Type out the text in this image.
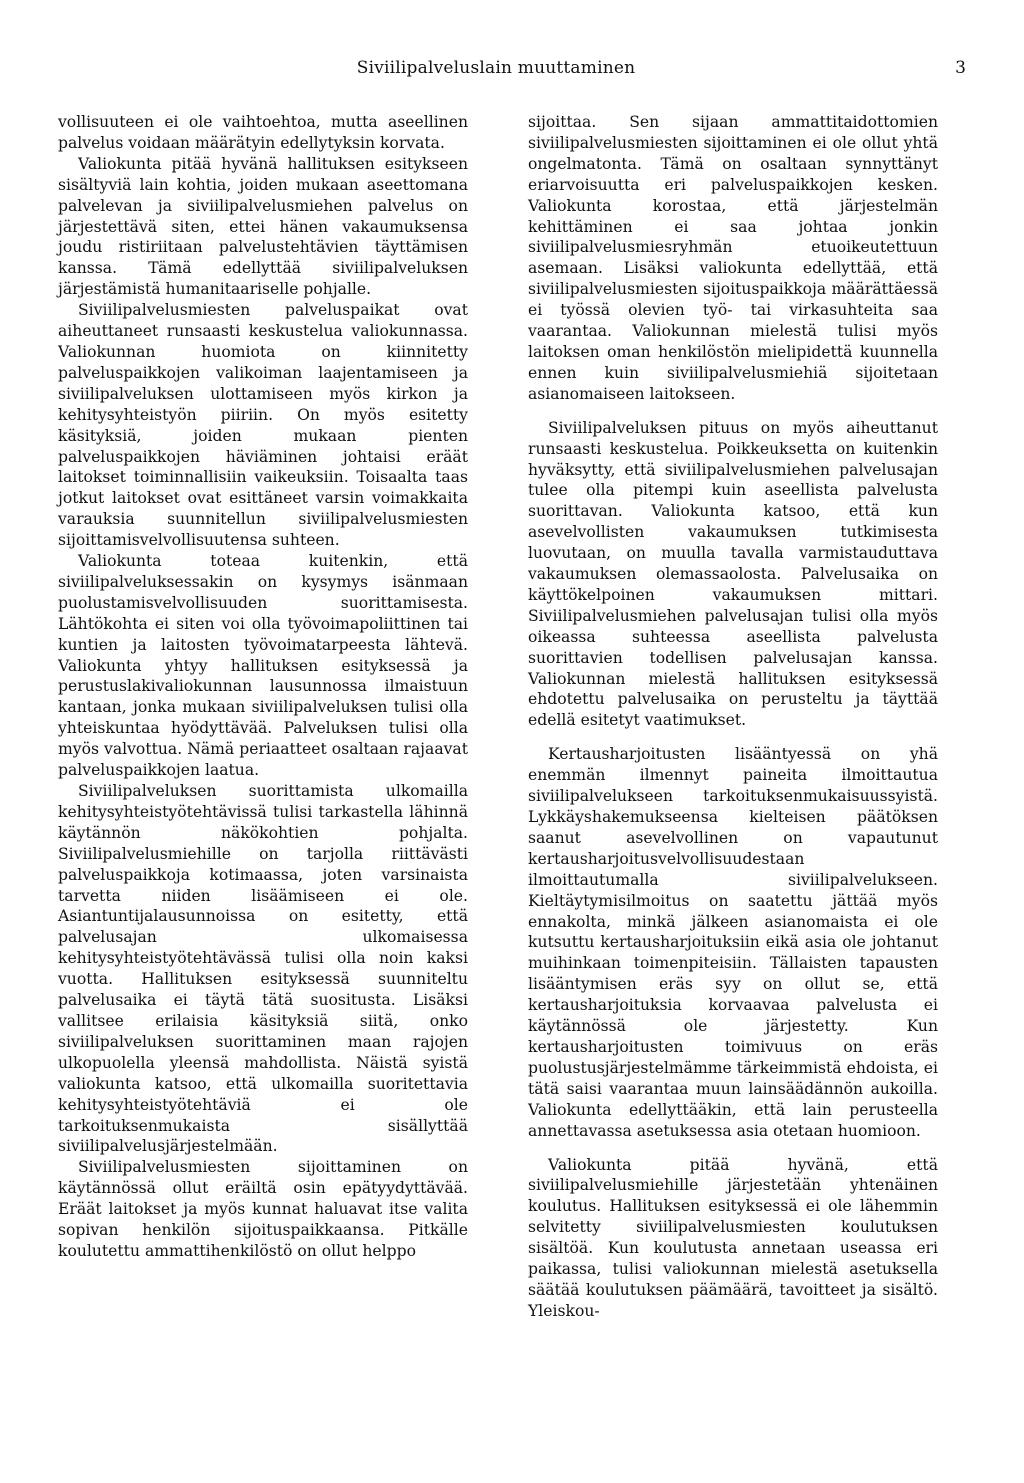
Siviilipalveluslain muuttaminen	3

vollisuuteen ei ole vaihtoehtoa, mutta aseellinen palvelus voidaan määrätyin edellytyksin korvata.

Valiokunta pitää hyvänä hallituksen esitykseen sisältyviä lain kohtia, joiden mukaan aseettomana palvelevan ja siviilipalvelusmiehen palvelus on järjestettävä siten, ettei hänen vakaumuksensa joudu ristiriitaan palvelustehtävien täyttämisen kanssa. Tämä edellyttää siviilipalveluksen järjestämistä humanitaariselle pohjalle.

Siviilipalvelusmiesten palveluspaikat ovat aiheuttaneet runsaasti keskustelua valiokunnassa. Valiokunnan huomiota on kiinnitetty palveluspaikkojen valikoiman laajentamiseen ja siviilipalveluksen ulottamiseen myös kirkon ja kehitysyhteistyön piiriin. On myös esitetty käsityksiä, joiden mukaan pienten palveluspaikkojen häviäminen johtaisi eräät laitokset toiminnallisiin vaikeuksiin. Toisaalta taas jotkut laitokset ovat esittäneet varsin voimakkaita varauksia suunnitellun siviilipalvelusmiesten sijoittamisvelvollisuutensa suhteen.

Valiokunta toteaa kuitenkin, että siviilipalveluksessakin on kysymys isänmaan puolustamisvelvollisuuden suorittamisesta. Lähtökohta ei siten voi olla työvoimapoliittinen tai kuntien ja laitosten työvoimatarpeesta lähtevä. Valiokunta yhtyy hallituksen esityksessä ja perustuslakivaliokunnan lausunnossa ilmaistuun kantaan, jonka mukaan siviilipalveluksen tulisi olla yhteiskuntaa hyödyttävää. Palveluksen tulisi olla myös valvottua. Nämä periaatteet osaltaan rajaavat palveluspaikkojen laatua.

Siviilipalveluksen suorittamista ulkomailla kehitysyhteistyötehtävissä tulisi tarkastella lähinnä käytännön näkökohtien pohjalta. Siviilipalvelusmiehille on tarjolla riittävästi palveluspaikkoja kotimaassa, joten varsinaista tarvetta niiden lisäämiseen ei ole. Asiantuntijalausunnoissa on esitetty, että palvelusajan ulkomaisessa kehitysyhteistyötehtävässä tulisi olla noin kaksi vuotta. Hallituksen esityksessä suunniteltu palvelusaika ei täytä tätä suositusta. Lisäksi vallitsee erilaisia käsityksiä siitä, onko siviilipalveluksen suorittaminen maan rajojen ulkopuolella yleensä mahdollista. Näistä syistä valiokunta katsoo, että ulkomailla suoritettavia kehitysyhteistyötehtäviä ei ole tarkoituksenmukaista sisällyttää siviilipalvelusjärjestelmään.

Siviilipalvelusmiesten sijoittaminen on käytännössä ollut eräiltä osin epätyydyttävää. Eräät laitokset ja myös kunnat haluavat itse valita sopivan henkilön sijoituspaikkaansa. Pitkälle koulutettu ammattihenkilöstö on ollut helppo

sijoittaa. Sen sijaan ammattitaidottomien siviilipalvelusmiesten sijoittaminen ei ole ollut yhtä ongelmatonta. Tämä on osaltaan synnyttänyt eriarvoisuutta eri palveluspaikkojen kesken. Valiokunta korostaa, että järjestelmän kehittäminen ei saa johtaa jonkin siviilipalvelusmiesryhmän etuoikeutettuun asemaan. Lisäksi valiokunta edellyttää, että siviilipalvelusmiesten sijoituspaikkoja määrättäessä ei työssä olevien työ- tai virkasuhteita saa vaarantaa. Valiokunnan mielestä tulisi myös laitoksen oman henkilöstön mielipidettä kuunnella ennen kuin siviilipalvelusmiehiä sijoitetaan asianomaiseen laitokseen.

Siviilipalveluksen pituus on myös aiheuttanut runsaasti keskustelua. Poikkeuksetta on kuitenkin hyväksytty, että siviilipalvelusmiehen palvelusajan tulee olla pitempi kuin aseellista palvelusta suorittavan. Valiokunta katsoo, että kun asevelvollisten vakaumuksen tutkimisesta luovutaan, on muulla tavalla varmistauduttava vakaumuksen olemassaolosta. Palvelusaika on käyttökelpoinen vakaumuksen mittari. Siviilipalvelusmiehen palvelusajan tulisi olla myös oikeassa suhteessa aseellista palvelusta suorittavien todellisen palvelusajan kanssa. Valiokunnan mielestä hallituksen esityksessä ehdotettu palvelusaika on perusteltu ja täyttää edellä esitetyt vaatimukset.

Kertausharjoitusten lisääntyessä on yhä enemmän ilmennyt paineita ilmoittautua siviilipalvelukseen tarkoituksenmukaisuussyistä. Lykkäyshakemukseensa kielteisen päätöksen saanut asevelvollinen on vapautunut kertausharjoitusvelvollisuudestaan ilmoittautumalla siviilipalvelukseen. Kieltäytymisilmoitus on saatettu jättää myös ennakolta, minkä jälkeen asianomaista ei ole kutsuttu kertausharjoituksiin eikä asia ole johtanut muihinkaan toimenpiteisiin. Tällaisten tapausten lisääntymisen eräs syy on ollut se, että kertausharjoituksia korvaavaa palvelusta ei käytännössä ole järjestetty. Kun kertausharjoitusten toimivuus on eräs puolustusjärjestelmämme tärkeimmistä ehdoista, ei tätä saisi vaarantaa muun lainsäädännön aukoilla. Valiokunta edellyttääkin, että lain perusteella annettavassa asetuksessa asia otetaan huomioon.

Valiokunta pitää hyvänä, että siviilipalvelusmiehille järjestetään yhtenäinen koulutus. Hallituksen esityksessä ei ole lähemmin selvitetty siviilipalvelusmiesten koulutuksen sisältöä. Kun koulutusta annetaan useassa eri paikassa, tulisi valiokunnan mielestä asetuksella säätää koulutuksen päämäärä, tavoitteet ja sisältö. Yleiskou-
